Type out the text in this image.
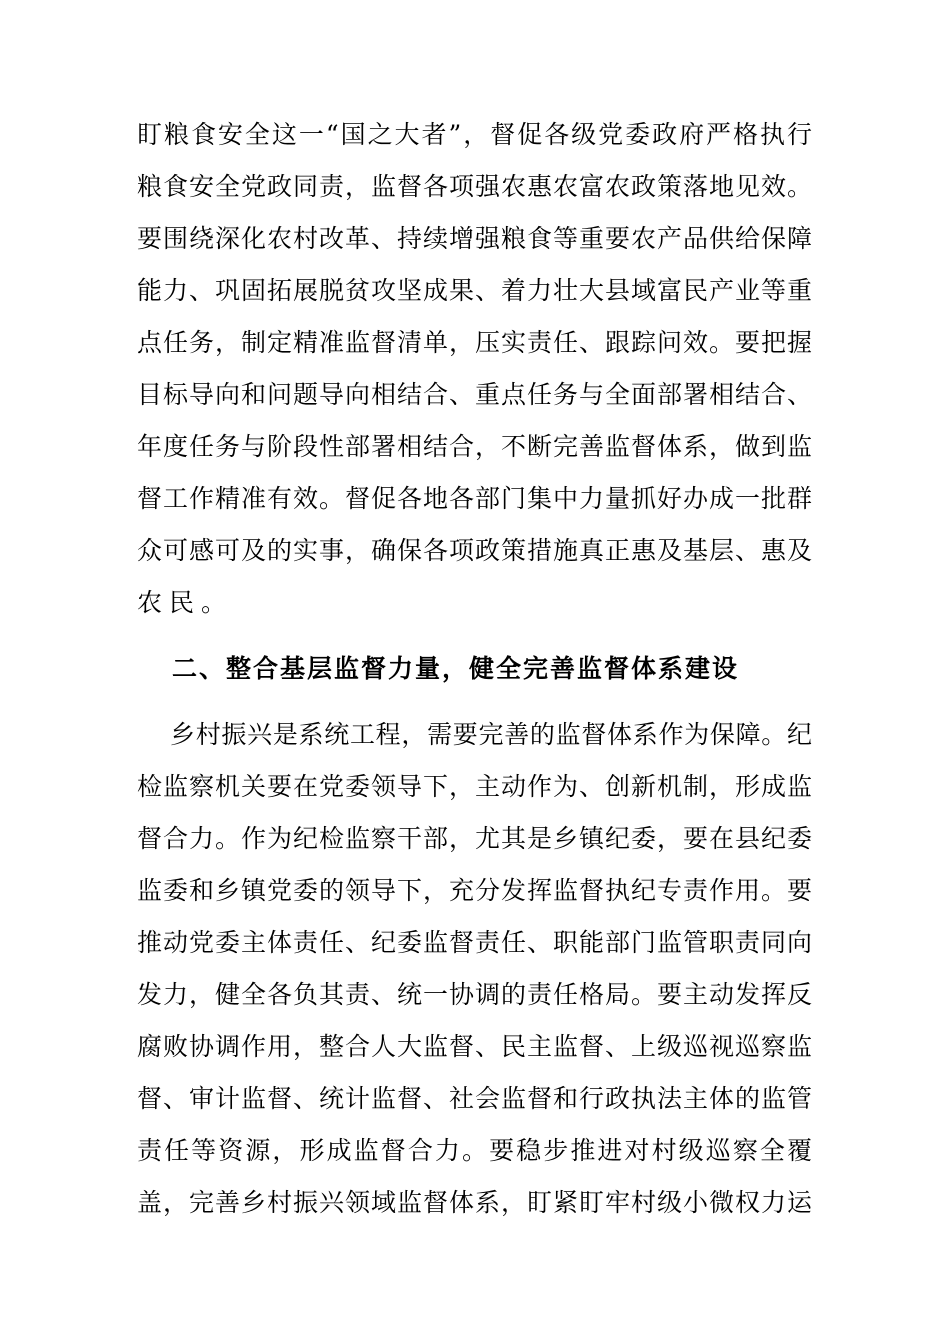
盯粮食安全这一“国之大者”，督促各级党委政府严格执行
粮食安全党政同责，监督各项强农惠农富农政策落地见效。
要围绕深化农村改革、持续增强粮食等重要农产品供给保障
能力、巩固拓展脱贫攻坚成果、着力壮大县域富民产业等重
点任务，制定精准监督清单，压实责任、跟踪问效。要把握
目标导向和问题导向相结合、重点任务与全面部署相结合、
年度任务与阶段性部署相结合，不断完善监督体系，做到监
督工作精准有效。督促各地各部门集中力量抓好办成一批群
众可感可及的实事，确保各项政策措施真正惠及基层、惠及
农民。
二、整合基层监督力量，健全完善监督体系建设
乡村振兴是系统工程，需要完善的监督体系作为保障。纪
检监察机关要在党委领导下，主动作为、创新机制，形成监
督合力。作为纪检监察干部，尤其是乡镇纪委，要在县纪委
监委和乡镇党委的领导下，充分发挥监督执纪专责作用。要
推动党委主体责任、纪委监督责任、职能部门监管职责同向
发力，健全各负其责、统一协调的责任格局。要主动发挥反
腐败协调作用，整合人大监督、民主监督、上级巡视巡察监
督、审计监督、统计监督、社会监督和行政执法主体的监管
责任等资源，形成监督合力。要稳步推进对村级巡察全覆
盖，完善乡村振兴领域监督体系，盯紧盯牢村级小微权力运
